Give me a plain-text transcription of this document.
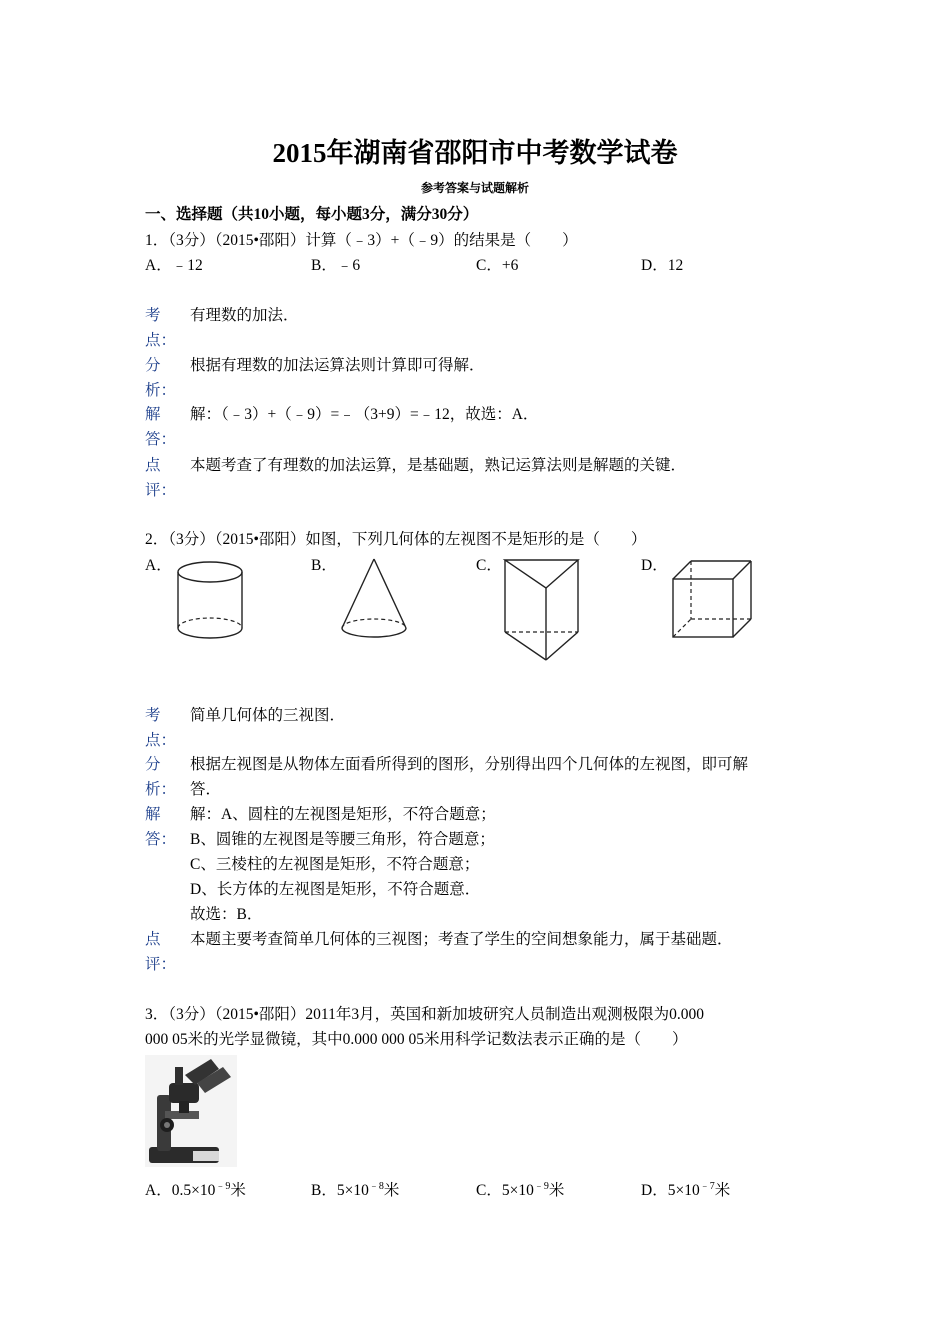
2015年湖南省邵阳市中考数学试卷
参考答案与试题解析
一、选择题（共10小题，每小题3分，满分30分）
1．（3分）（2015•邵阳）计算（﹣3）+（﹣9）的结果是（　　）
A．﹣12	B．﹣6	C．+6	D．12
考
点：
有理数的加法．
分
析：
根据有理数的加法运算法则计算即可得解．
解
答：
解：（﹣3）+（﹣9）=﹣（3+9）=﹣12，故选：A．
点
评：
本题考查了有理数的加法运算，是基础题，熟记运算法则是解题的关键．
2．（3分）（2015•邵阳）如图，下列几何体的左视图不是矩形的是（　　）
A．	B．	C．	D．
考
点：
简单几何体的三视图．
分
析：
根据左视图是从物体左面看所得到的图形，分别得出四个几何体的左视图，即可解
答．
解
答：
解：A、圆柱的左视图是矩形，不符合题意；
B、圆锥的左视图是等腰三角形，符合题意；
C、三棱柱的左视图是矩形，不符合题意；
D、长方体的左视图是矩形，不符合题意．
故选：B．
点
评：
本题主要考查简单几何体的三视图；考查了学生的空间想象能力，属于基础题．
3．（3分）（2015•邵阳）2011年3月，英国和新加坡研究人员制造出观测极限为0.000
000 05米的光学显微镜，其中0.000 000 05米用科学记数法表示正确的是（　　）
A．$0.5\times 10^{﹣9}$米	B．$5\times 10^{﹣8}$米	C．$5\times 10^{﹣9}$米	D．$5\times 10^{﹣7}$米
